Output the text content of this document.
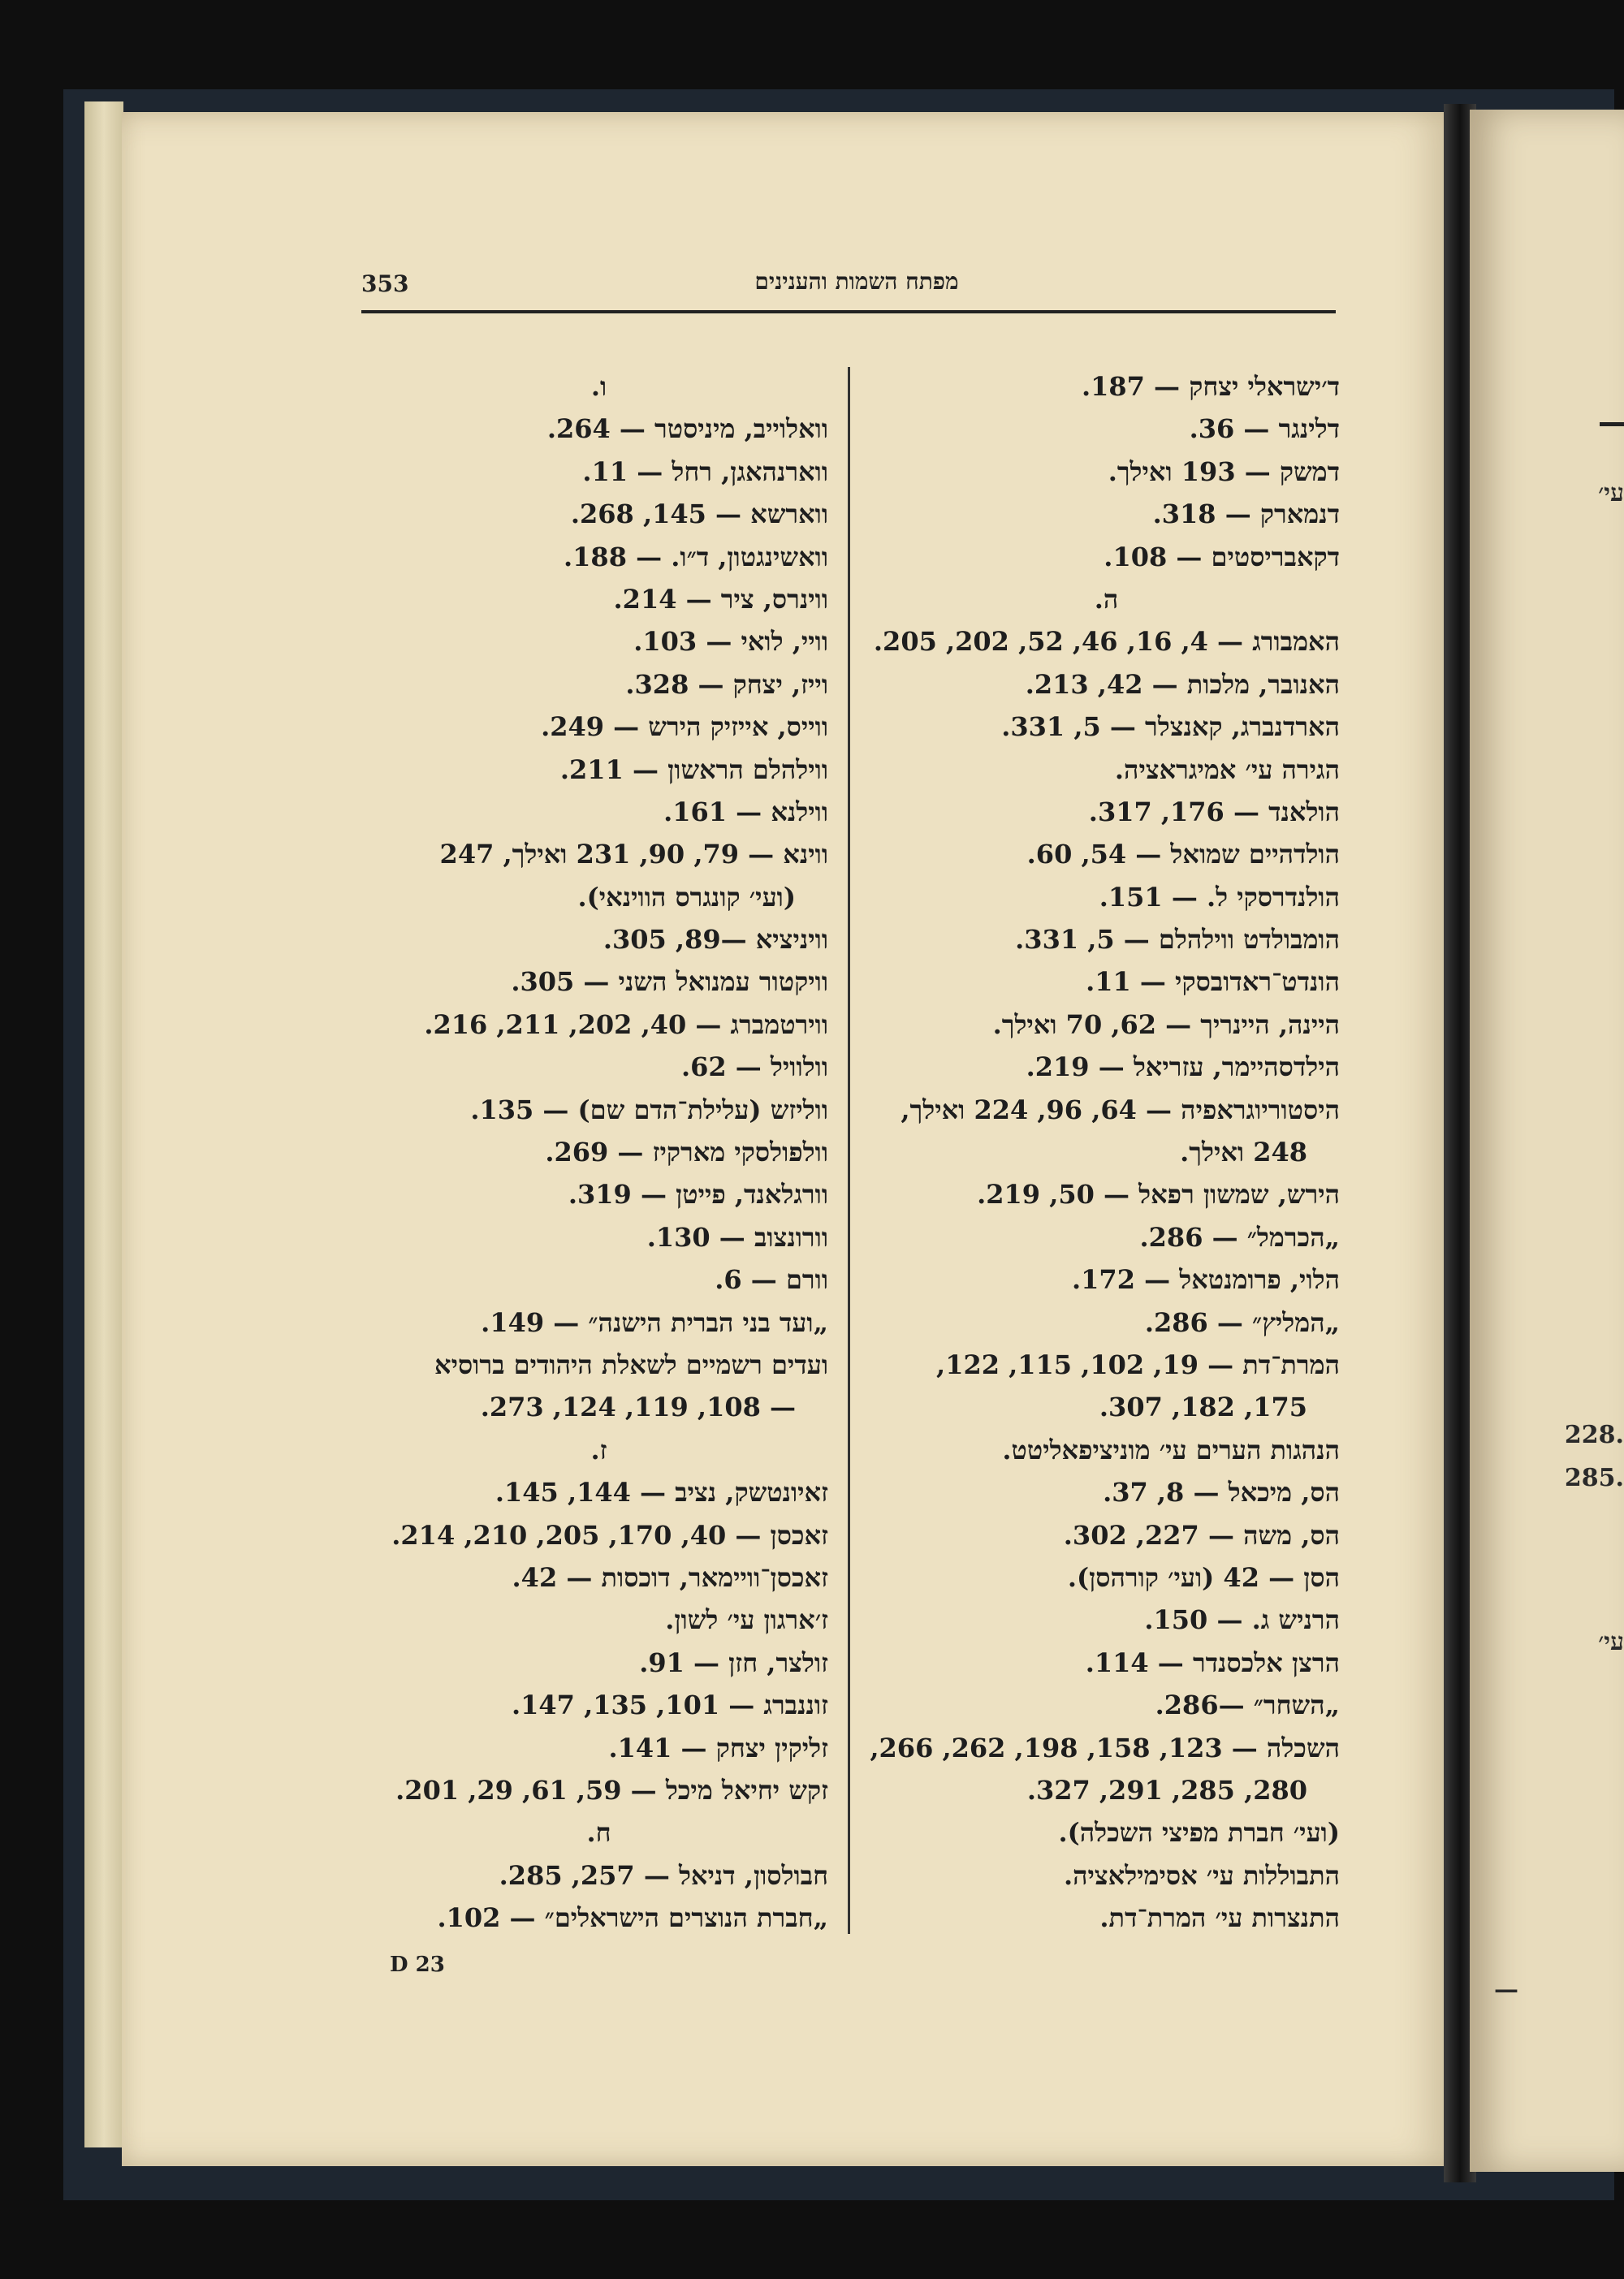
עי׳
228.
285.
עי׳
—
353	מפתח השמות והענינים
ו.
וואלוייב, מיניסטר — 264.
ווארנהאגן, רחל — 11.
ווארשא — 145, 268.
וואשינגטון, ד״ו. — 188.
ווינרס, ציר — 214.
וויי, לואי — 103.
וייז, יצחק — 328.
ווייס, אייזיק הירש — 249.
ווילהלם הראשון — 211.
ווילנא — 161.
ווינא — 79, 90, 231 ואילך, 247
(ועי׳ קונגרס הווינאי).
וויניציא —89, 305.
וויקטור עמנואל השני — 305.
ווירטמברג — 40, 202, 211, 216.
וולוויל — 62.
ווליזש (עלילת־הדם שם) — 135.
וולפולסקי מארקיז — 269.
וורגלאנד, פייטן — 319.
וורונצוב — 130.
וורם — 6.
„ועד בני הברית הישנה״ — 149.
ועדים רשמיים לשאלת היהודים ברוסיא
— 108, 119, 124, 273.
ז.
זאיונטשק, נציב — 144, 145.
זאכסן — 40, 170, 205, 210, 214.
זאכסן־וויימאר, דוכסות — 42.
ז׳ארגון עי׳ לשון.
זולצר, חזן — 91.
זוננברג — 101, 135, 147.
זליקין יצחק — 141.
זקש יחיאל מיכל — 59, 61, 29, 201.
ח.
חבולסון, דניאל — 257, 285.
„חברת הנוצרים הישראלים״ — 102.
ד׳ישראלי יצחק — 187.
דלינגר — 36.
דמשק — 193 ואילך.
דנמארק — 318.
דקאבריסטים — 108.
ה.
האמבורג — 4, 16, 46, 52, 202, 205.
האנובר, מלכות — 42, 213.
הארדנברג, קאנצלר — 5, 331.
הגירה עי׳ אמיגראציה.
הולאנד — 176, 317.
הולדהיים שמואל — 54, 60.
הולנדרסקי ל. — 151.
הומבולדט ווילהלם — 5, 331.
הונדט־ראדובסקי — 11.
היינה, היינריך — 62, 70 ואילך.
הילדסהיימר, עזריאל — 219.
היסטוריוגראפיה — 64, 96, 224 ואילך,
248 ואילך.
הירש, שמשון רפאל — 50, 219.
„הכרמל״ — 286.
הלוי, פרומנטאל — 172.
„המליץ״ — 286.
המרת־דת — 19, 102, 115, 122,
175, 182, 307.
הנהגות הערים עי׳ מוניציפאליטט.
הס, מיכאל — 8, 37.
הס, משה — 227, 302.
הסן — 42 (ועי׳ קורהסן).
הרניש ג. — 150.
הרצן אלכסנדר — 114.
„השחר״ —286.
השכלה — 123, 158, 198, 262, 266,
280, 285, 291, 327.
(ועי׳ חברת מפיצי השכלה).
התבוללות עי׳ אסימילאציה.
התנצרות עי׳ המרת־דת.
D 23
